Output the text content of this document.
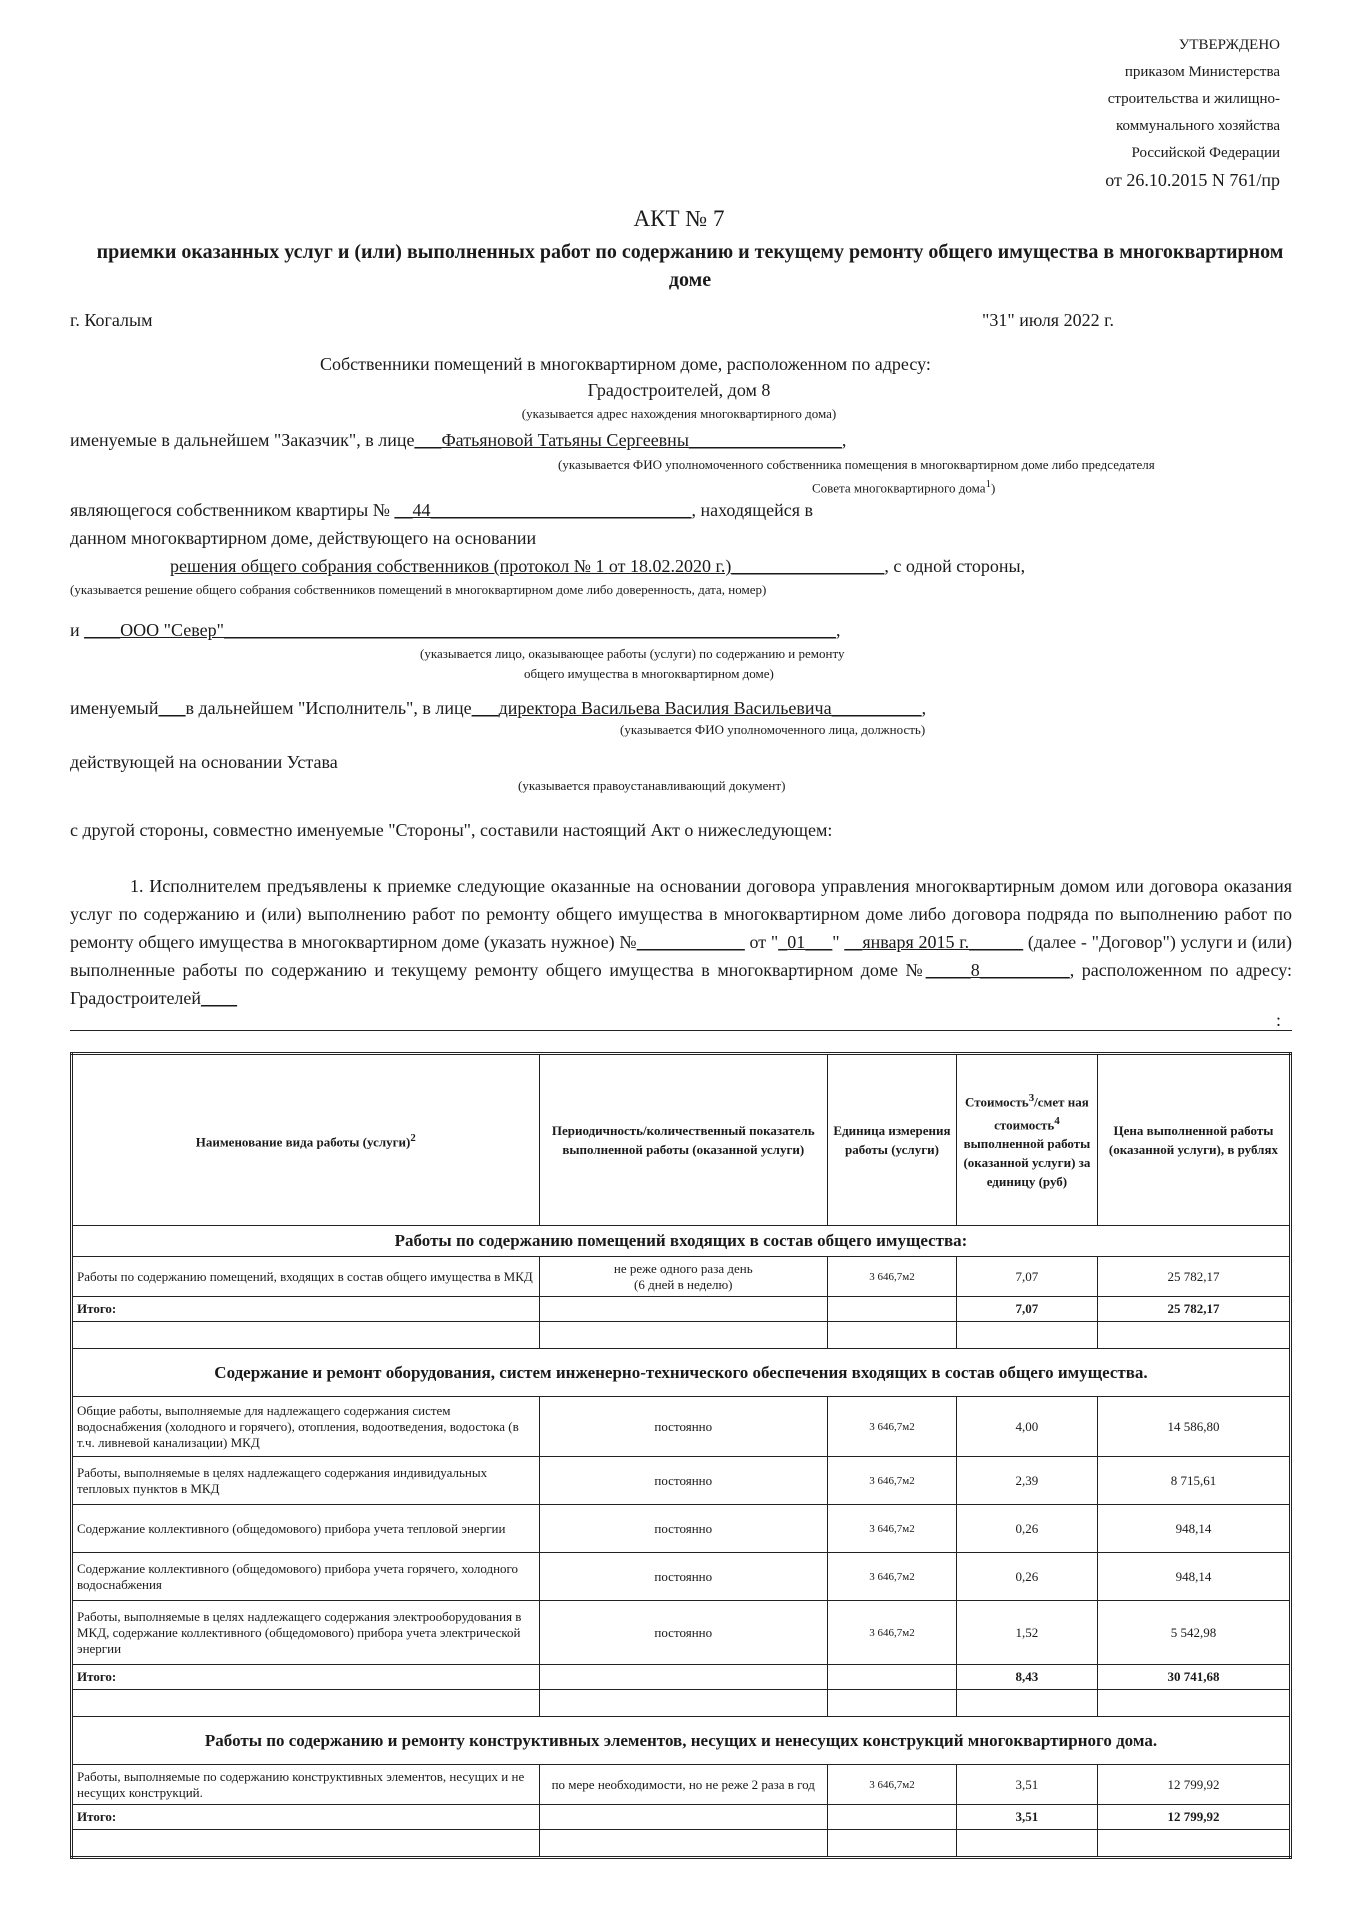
УТВЕРЖДЕНО
приказом Министерства
строительства и жилищно-
коммунального хозяйства
Российской Федерации
от 26.10.2015 N 761/пр
АКТ № 7
приемки оказанных услуг и (или) выполненных работ по содержанию и текущему ремонту общего имущества в многоквартирном доме
г. Когалым	"31" июля 2022 г.
Собственники помещений в многоквартирном доме, расположенном по адресу:
Градостроителей, дом 8
(указывается адрес нахождения многоквартирного дома)
именуемые в дальнейшем "Заказчик", в лице___Фатьяновой Татьяны Сергеевны_________________,
(указывается ФИО уполномоченного собственника помещения в многоквартирном доме либо председателя
Совета многоквартирного дома$^1$)
являющегося собственником квартиры № __44_____________________________, находящейся в
данном многоквартирном доме, действующего на основании
решения общего собрания собственников (протокол № 1 от 18.02.2020 г.)_________________, с одной стороны,
(указывается решение общего собрания собственников помещений в многоквартирном доме либо доверенность, дата, номер)
и ____ООО "Север"____________________________________________________________________,
(указывается лицо, оказывающее работы (услуги) по содержанию и ремонту
общего имущества в многоквартирном доме)
именуемый___в дальнейшем "Исполнитель", в лице___директора Васильева Василия Васильевича__________,
(указывается ФИО уполномоченного лица, должность)
действующей на основании Устава
(указывается правоустанавливающий документ)
с другой стороны, совместно именуемые "Стороны", составили настоящий Акт о нижеследующем:

1. Исполнителем предъявлены к приемке следующие оказанные на основании договора управления многоквартирным домом или договора оказания услуг по содержанию и (или) выполнению работ по ремонту общего имущества в многоквартирном доме либо договора подряда по выполнению работ по ремонту общего имущества в многоквартирном доме (указать нужное) №____________ от "_01___" __января 2015 г.______ (далее - "Договор") услуги и (или) выполненные работы по содержанию и текущему ремонту общего имущества в многоквартирном доме №_____8__________, расположенном по адресу: Градостроителей____

:
Наименование вида работы (услуги)$^2$	Периодичность/количественный показатель выполненной работы (оказанной услуги)	Единица измерения работы (услуги)	Стоимость$^3$/смет ная стоимость$^4$ выполненной работы (оказанной услуги) за единицу (руб)	Цена выполненной работы (оказанной услуги), в рублях
Работы по содержанию помещений входящих в состав общего имущества:				
Работы по содержанию помещений, входящих в состав общего имущества в МКД	не реже одного раза день
(6 дней в неделю)	3 646,7м2	7,07	25 782,17
Итого:			7,07	25 782,17

Содержание и ремонт оборудования, систем инженерно-технического обеспечения входящих в состав общего имущества.				
Общие работы, выполняемые для надлежащего содержания систем водоснабжения (холодного и горячего), отопления, водоотведения, водостока (в т.ч. ливневой канализации) МКД	постоянно	3 646,7м2	4,00	14 586,80
Работы, выполняемые в целях надлежащего содержания индивидуальных тепловых пунктов в МКД	постоянно	3 646,7м2	2,39	8 715,61
Содержание коллективного (общедомового) прибора учета тепловой энергии	постоянно	3 646,7м2	0,26	948,14
Содержание коллективного (общедомового) прибора учета горячего, холодного водоснабжения	постоянно	3 646,7м2	0,26	948,14
Работы, выполняемые в целях надлежащего содержания электрооборудования в МКД, содержание коллективного (общедомового) прибора учета электрической энергии	постоянно	3 646,7м2	1,52	5 542,98
Итого:			8,43	30 741,68

Работы по содержанию и ремонту конструктивных элементов, несущих и ненесущих конструкций многоквартирного дома.				
Работы, выполняемые по содержанию конструктивных элементов, несущих и не несущих конструкций.	по мере необходимости, но не реже 2 раза в год	3 646,7м2	3,51	12 799,92
Итого:			3,51	12 799,92
